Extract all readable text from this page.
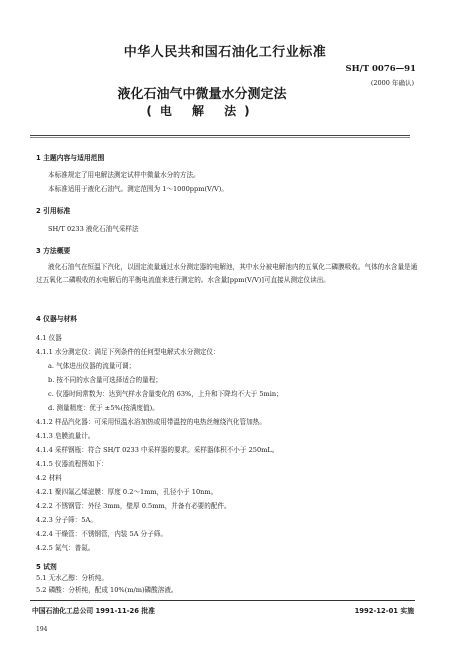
中华人民共和国石油化工行业标准
SH/T 0076—91
(2000 年确认)
液化石油气中微量水分测定法
(电 解 法)
1 主题内容与适用范围
本标准规定了用电解法测定试样中微量水分的方法。
本标准适用于液化石油气。测定范围为 1～1000ppm(V/V)。
2 引用标准
SH/T 0233 液化石油气采样法
3 方法概要
液化石油气在恒温下汽化，以固定流量通过水分测定器的电解池，其中水分被电解池内的五氧化二磷膜吸收。气体的水含量是通过五氧化二磷吸收的水电解后的平衡电流值来进行测定的。水含量[ppm(V/V)]可直接从测定仪读出。
4 仪器与材料
4.1 仪器
4.1.1 水分测定仪：满足下列条件的任何型电解式水分测定仪：
a. 气体进出仪器的流量可调；
b. 按不同的水含量可选择适合的量程；
c. 仪器时间常数为：达到气样水含量变化的 63%，上升和下降均不大于 5min；
d. 测量精度：优于 ±5%(按满度值)。
4.1.2 样品汽化器：可采用恒温水浴加热或用带温控的电热丝缠绕汽化管加热。
4.1.3 皂膜流量计。
4.1.4 采样钢瓶：符合 SH/T 0233 中采样器的要求。采样器体积不小于 250mL。
4.1.5 仪器流程图如下：
4.2 材料
4.2.1 聚四氟乙烯滤膜：厚度 0.2～1mm，孔径小于 10nm。
4.2.2 不锈钢管：外径 3mm，壁厚 0.5mm，并备有必要的配件。
4.2.3 分子筛：5A。
4.2.4 干燥管：不锈钢管，内装 5A 分子筛。
4.2.5 氮气：普氮。
5 试剂
5.1 无水乙醇：分析纯。
5.2 磷酸：分析纯，配成 10%(m/m)磷酸溶液。
中国石油化工总公司 1991-11-26 批准	1992-12-01 实施
194
